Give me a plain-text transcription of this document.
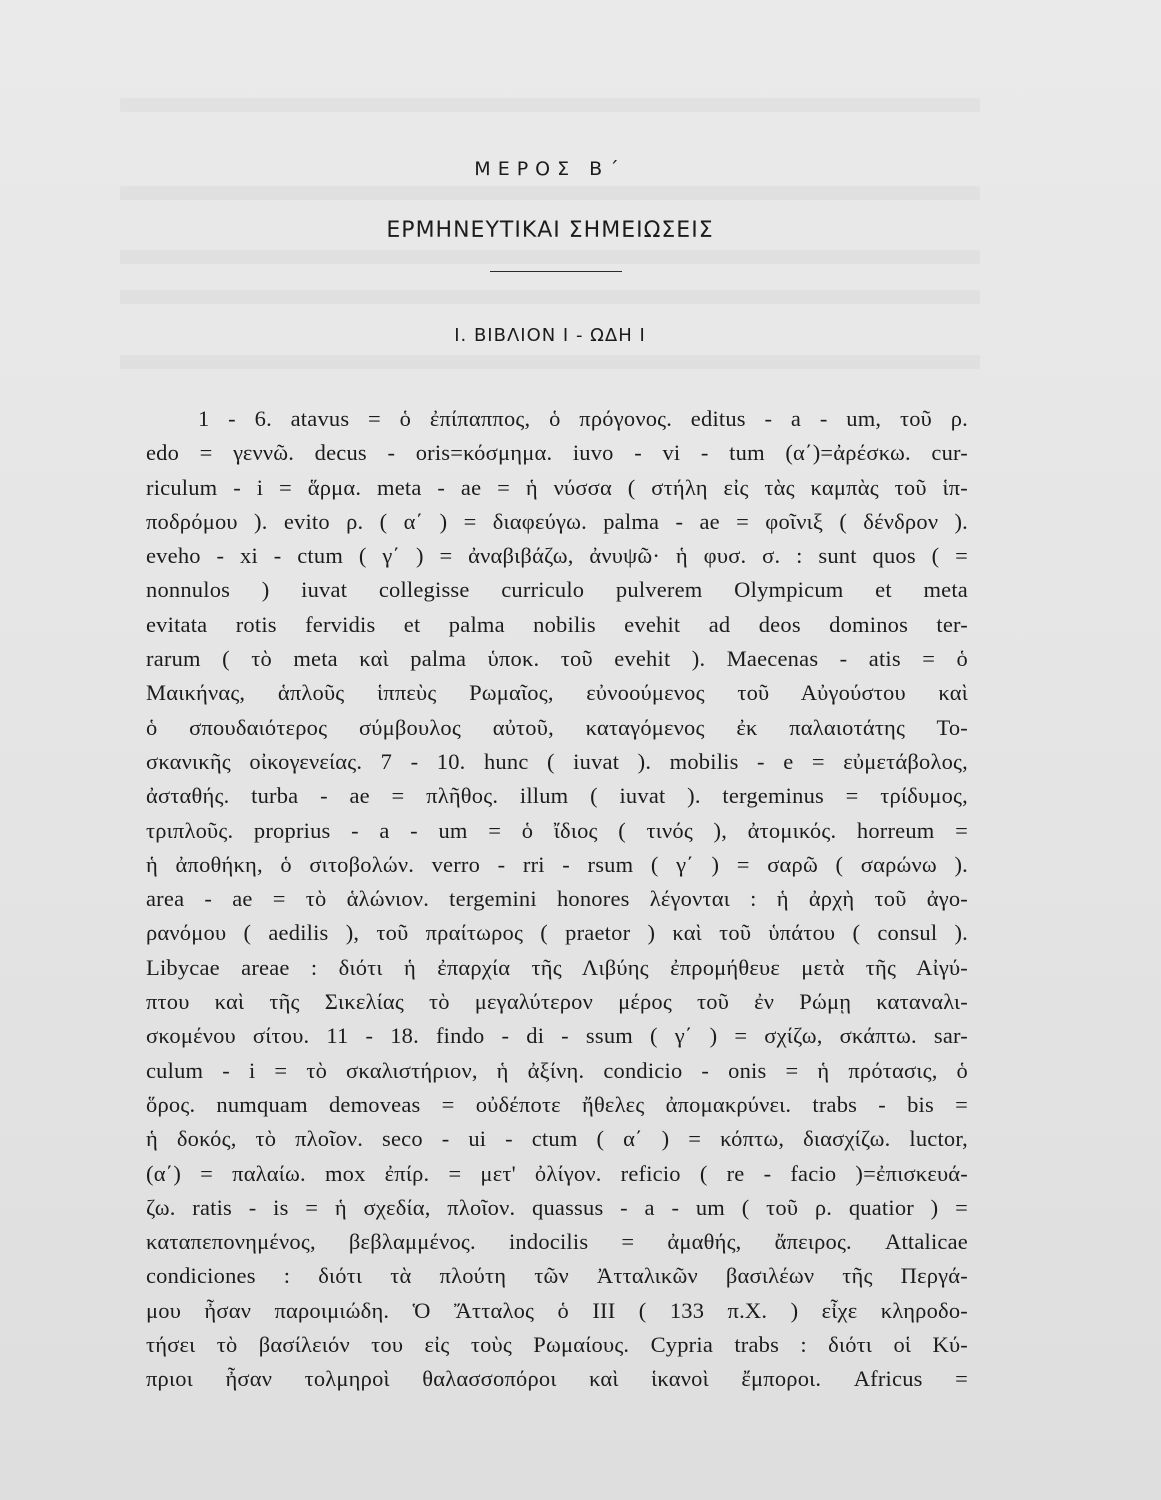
ΜΕΡΟΣ Β΄
ΕΡΜΗΝΕΥΤΙΚΑΙ ΣΗΜΕΙΩΣΕΙΣ
Ι. ΒΙΒΛΙΟΝ Ι - ΩΔΗ Ι
1 - 6. atavus = ὁ ἐπίπαππος, ὁ πρόγονος. editus - a - um, τοῦ ρ.
edo = γεννῶ. decus - oris=κόσμημα. iuvo - vi - tum (α΄)=ἀρέσκω. cur-
riculum - i = ἅρμα. meta - ae = ἡ νύσσα ( στήλη εἰς τὰς καμπὰς τοῦ ἱπ-
ποδρόμου ). evito ρ. ( α΄ ) = διαφεύγω. palma - ae = φοῖνιξ ( δένδρον ).
eveho - xi - ctum ( γ΄ ) = ἀναβιβάζω, ἀνυψῶ· ἡ φυσ. σ. : sunt quos ( =
nonnulos ) iuvat collegisse curriculo pulverem Olympicum et meta
evitata rotis fervidis et palma nobilis evehit ad deos dominos ter-
rarum ( τὸ meta καὶ palma ὑποκ. τοῦ evehit ). Maecenas - atis = ὁ
Μαικήνας, ἁπλοῦς ἱππεὺς Ρωμαῖος, εὐνοούμενος τοῦ Αὐγούστου καὶ
ὁ σπουδαιότερος σύμβουλος αὐτοῦ, καταγόμενος ἐκ παλαιοτάτης Το-
σκανικῆς οἰκογενείας. 7 - 10. hunc ( iuvat ). mobilis - e = εὐμετάβολος,
ἀσταθής. turba - ae = πλῆθος. illum ( iuvat ). tergeminus = τρίδυμος,
τριπλοῦς. proprius - a - um = ὁ ἴδιος ( τινός ), ἀτομικός. horreum =
ἡ ἀποθήκη, ὁ σιτοβολών. verro - rri - rsum ( γ΄ ) = σαρῶ ( σαρώνω ).
area - ae = τὸ ἁλώνιον. tergemini honores λέγονται : ἡ ἀρχὴ τοῦ ἀγο-
ρανόμου ( aedilis ), τοῦ πραίτωρος ( praetor ) καὶ τοῦ ὑπάτου ( consul ).
Libycae areae : διότι ἡ ἐπαρχία τῆς Λιβύης ἐπρομήθευε μετὰ τῆς Αἰγύ-
πτου καὶ τῆς Σικελίας τὸ μεγαλύτερον μέρος τοῦ ἐν Ρώμῃ καταναλι-
σκομένου σίτου. 11 - 18. findo - di - ssum ( γ΄ ) = σχίζω, σκάπτω. sar-
culum - i = τὸ σκαλιστήριον, ἡ ἀξίνη. condicio - onis = ἡ πρότασις, ὁ
ὅρος. numquam demoveas = οὐδέποτε ἤθελες ἀπομακρύνει. trabs - bis =
ἡ δοκός, τὸ πλοῖον. seco - ui - ctum ( α΄ ) = κόπτω, διασχίζω. luctor,
(α΄) = παλαίω. mox ἐπίρ. = μετ' ὀλίγον. reficio ( re - facio )=ἐπισκευά-
ζω. ratis - is = ἡ σχεδία, πλοῖον. quassus - a - um ( τοῦ ρ. quatior ) =
καταπεπονημένος, βεβλαμμένος. indocilis = ἀμαθής, ἄπειρος. Attalicae
condiciones : διότι τὰ πλούτη τῶν Ἀτταλικῶν βασιλέων τῆς Περγά-
μου ἦσαν παροιμιώδη. Ὁ Ἄτταλος ὁ ΙΙΙ ( 133 π.Χ. ) εἶχε κληροδο-
τήσει τὸ βασίλειόν του εἰς τοὺς Ρωμαίους. Cypria trabs : διότι οἱ Κύ-
πριοι ἦσαν τολμηροὶ θαλασσοπόροι καὶ ἱκανοὶ ἔμποροι. Africus =
